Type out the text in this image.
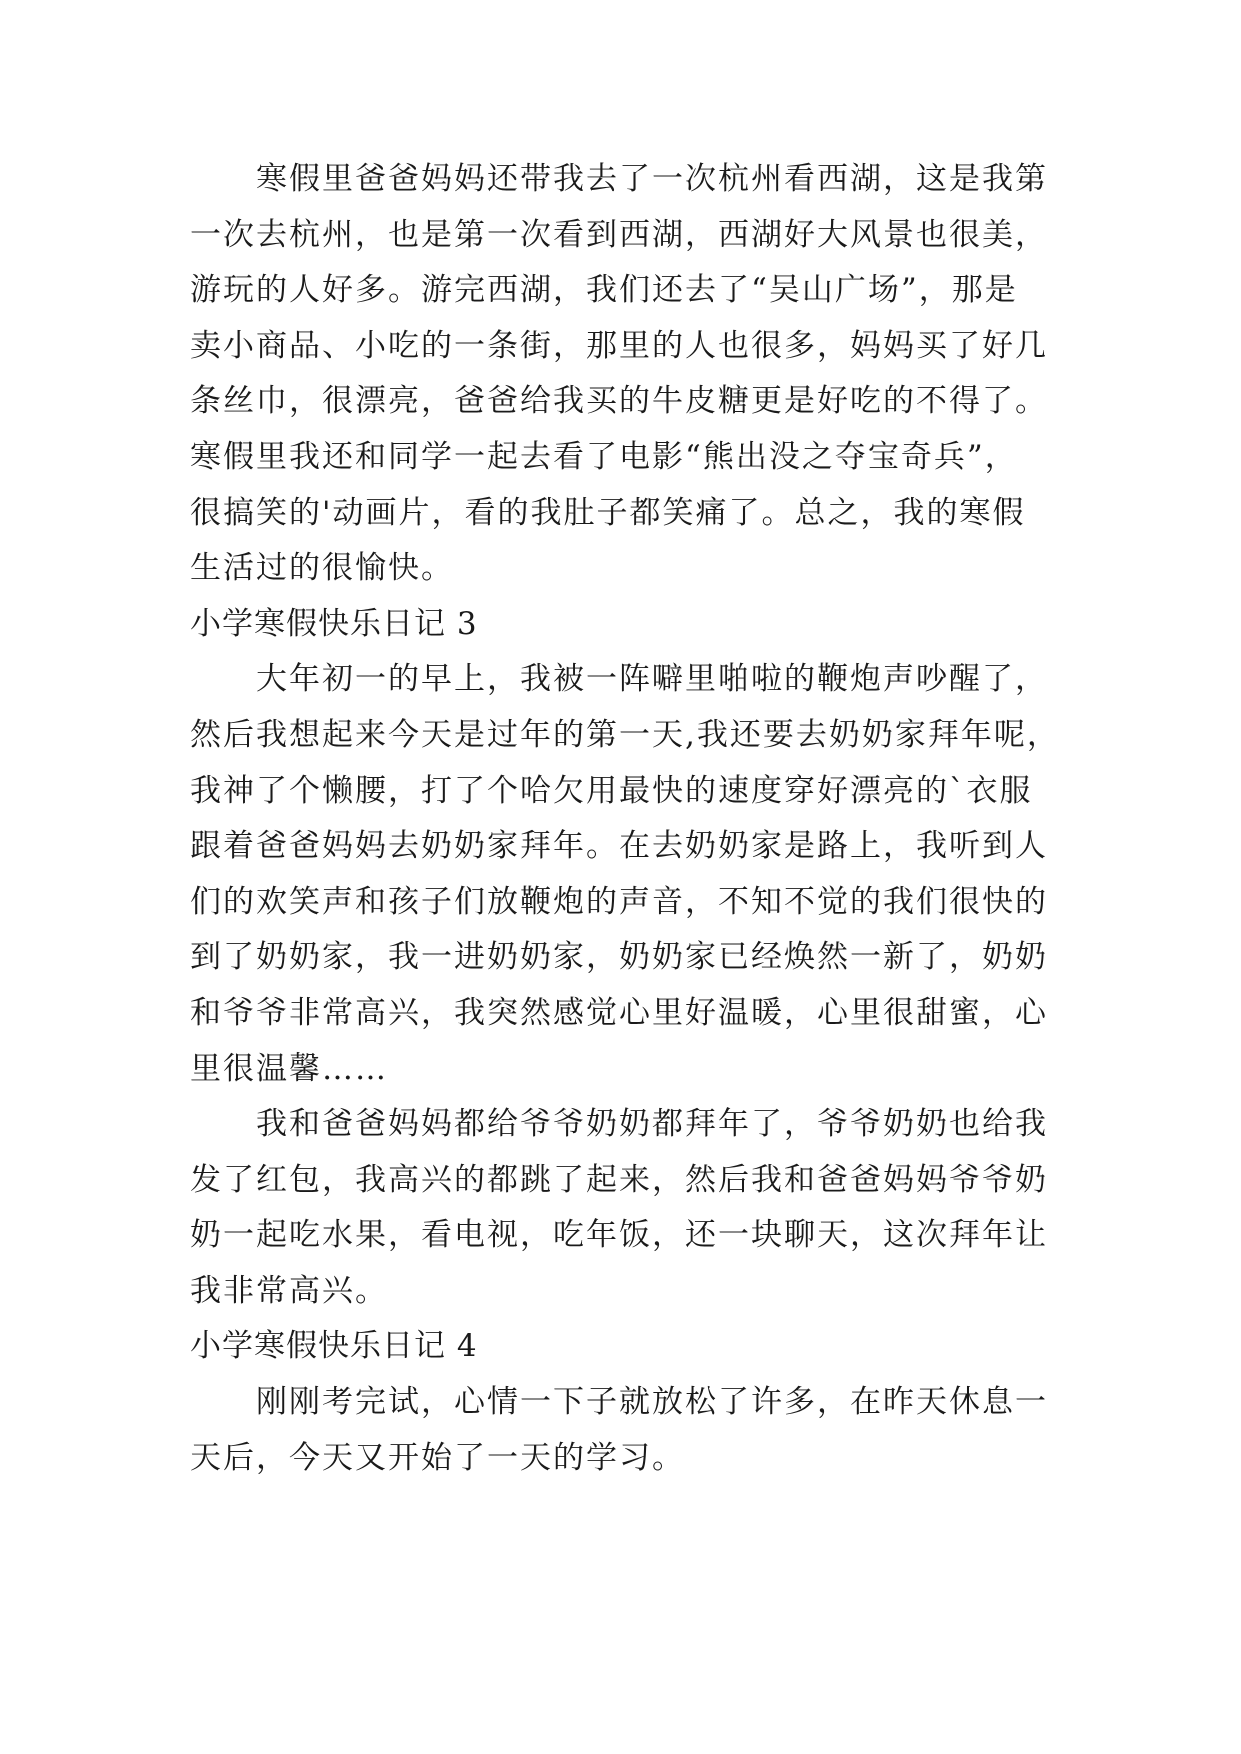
寒假里爸爸妈妈还带我去了一次杭州看西湖，这是我第
一次去杭州，也是第一次看到西湖，西湖好大风景也很美，
游玩的人好多。游完西湖，我们还去了“吴山广场”，那是
卖小商品、小吃的一条街，那里的人也很多，妈妈买了好几
条丝巾，很漂亮，爸爸给我买的牛皮糖更是好吃的不得了。
寒假里我还和同学一起去看了电影“熊出没之夺宝奇兵”，
很搞笑的'动画片，看的我肚子都笑痛了。总之，我的寒假
生活过的很愉快。
小学寒假快乐日记 3
大年初一的早上，我被一阵噼里啪啦的鞭炮声吵醒了，
然后我想起来今天是过年的第一天,我还要去奶奶家拜年呢，
我神了个懒腰，打了个哈欠用最快的速度穿好漂亮的`衣服
跟着爸爸妈妈去奶奶家拜年。在去奶奶家是路上，我听到人
们的欢笑声和孩子们放鞭炮的声音，不知不觉的我们很快的
到了奶奶家，我一进奶奶家，奶奶家已经焕然一新了，奶奶
和爷爷非常高兴，我突然感觉心里好温暖，心里很甜蜜，心
里很温馨……
我和爸爸妈妈都给爷爷奶奶都拜年了，爷爷奶奶也给我
发了红包，我高兴的都跳了起来，然后我和爸爸妈妈爷爷奶
奶一起吃水果，看电视，吃年饭，还一块聊天，这次拜年让
我非常高兴。
小学寒假快乐日记 4
刚刚考完试，心情一下子就放松了许多，在昨天休息一
天后，今天又开始了一天的学习。
